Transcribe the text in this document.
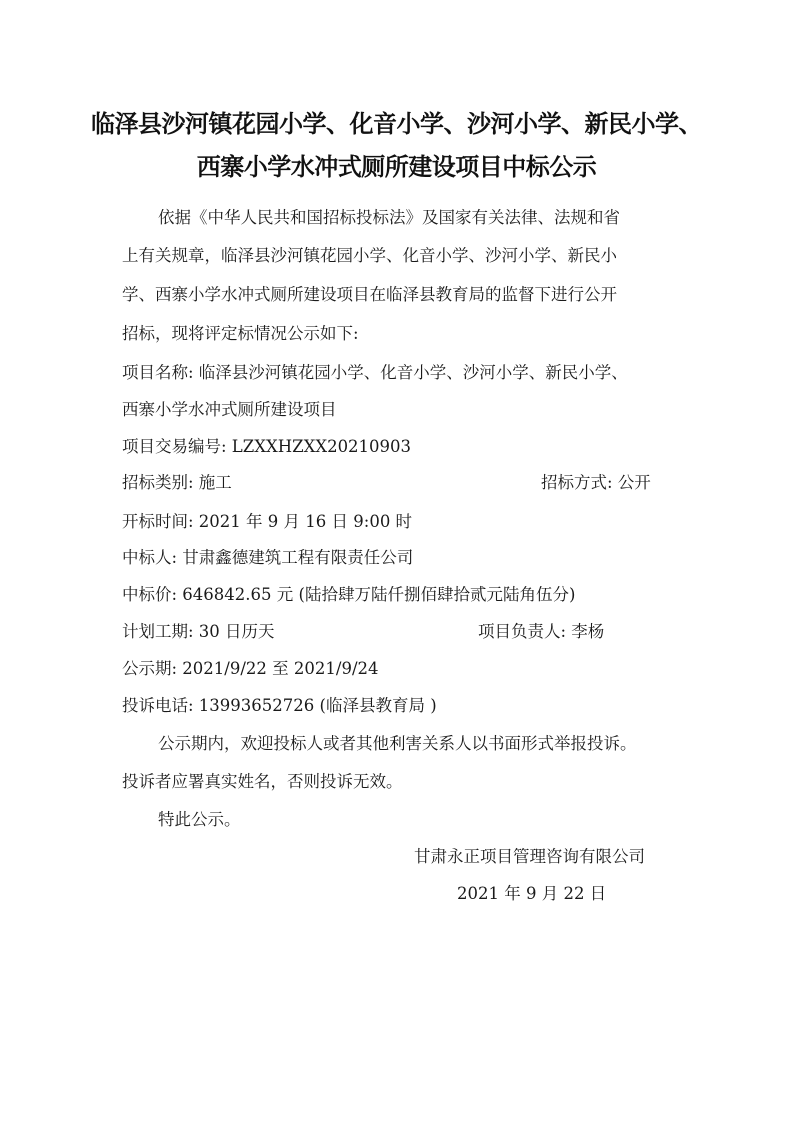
临泽县沙河镇花园小学、化音小学、沙河小学、新民小学、
西寨小学水冲式厕所建设项目中标公示
依据《中华人民共和国招标投标法》及国家有关法律、法规和省
上有关规章，临泽县沙河镇花园小学、化音小学、沙河小学、新民小
学、西寨小学水冲式厕所建设项目在临泽县教育局的监督下进行公开
招标，现将评定标情况公示如下:
项目名称: 临泽县沙河镇花园小学、化音小学、沙河小学、新民小学、
西寨小学水冲式厕所建设项目
项目交易编号: LZXXHZXX20210903
招标类别: 施工	招标方式: 公开
开标时间: 2021 年 9 月 16 日 9:00 时
中标人: 甘肃鑫德建筑工程有限责任公司
中标价: 646842.65 元 (陆拾肆万陆仟捌佰肆拾贰元陆角伍分)
计划工期: 30 日历天	项目负责人: 李杨
公示期: 2021/9/22 至 2021/9/24
投诉电话: 13993652726 (临泽县教育局 )
公示期内，欢迎投标人或者其他利害关系人以书面形式举报投诉。
投诉者应署真实姓名，否则投诉无效。
特此公示。
甘肃永正项目管理咨询有限公司
2021 年 9 月 22 日
